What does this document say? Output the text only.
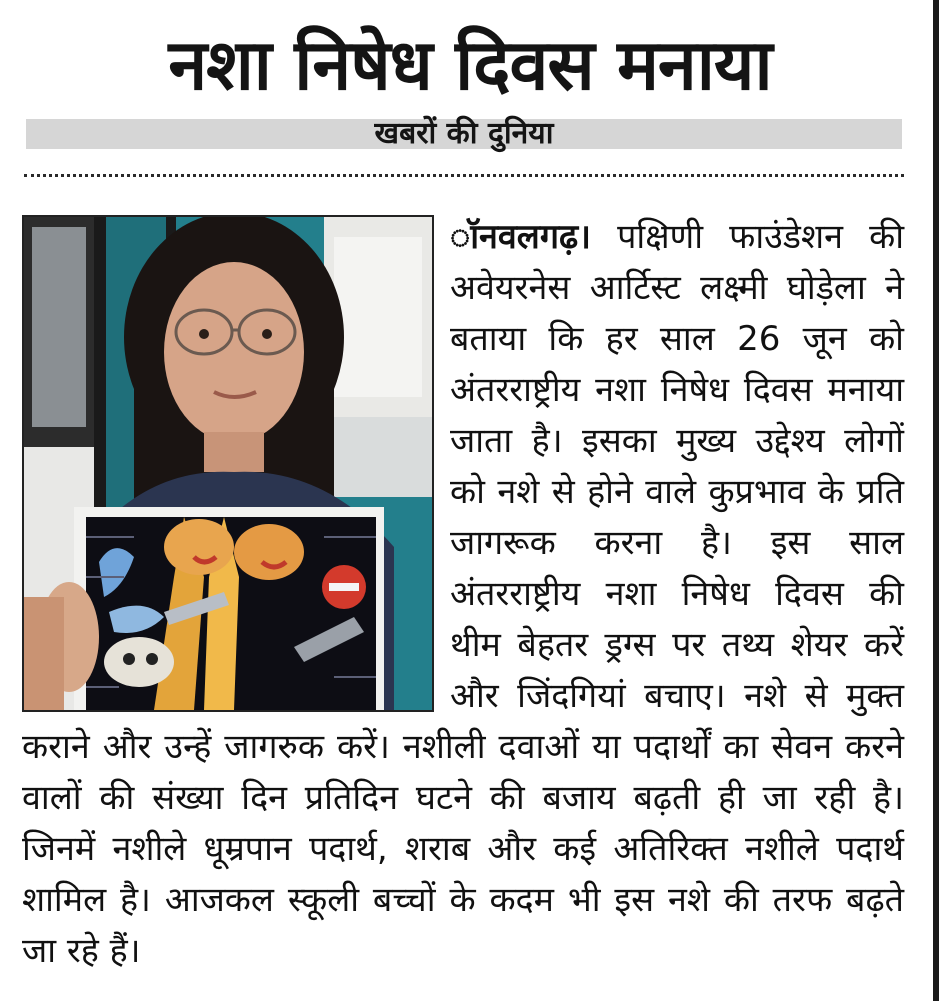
नशा निषेध दिवस मनाया
खबरों की दुनिया
ॉनवलगढ़। पक्षिणी फाउंडेशन की अवेयरनेस आर्टिस्ट लक्ष्मी घोड़ेला ने बताया कि हर साल 26 जून को अंतरराष्ट्रीय नशा निषेध दिवस मनाया जाता है। इसका मुख्य उद्देश्य लोगों को नशे से होने वाले कुप्रभाव के प्रति जागरूक करना है। इस साल अंतरराष्ट्रीय नशा निषेध दिवस की थीम बेहतर ड्रग्स पर तथ्य शेयर करें और जिंदगियां बचाए। नशे से मुक्त कराने और उन्हें जागरुक करें। नशीली दवाओं या पदार्थों का सेवन करने वालों की संख्या दिन प्रतिदिन घटने की बजाय बढ़ती ही जा रही है। जिनमें नशीले धूम्रपान पदार्थ, शराब और कई अतिरिक्त नशीले पदार्थ शामिल है। आजकल स्कूली बच्चों के कदम भी इस नशे की तरफ बढ़ते जा रहे हैं।
